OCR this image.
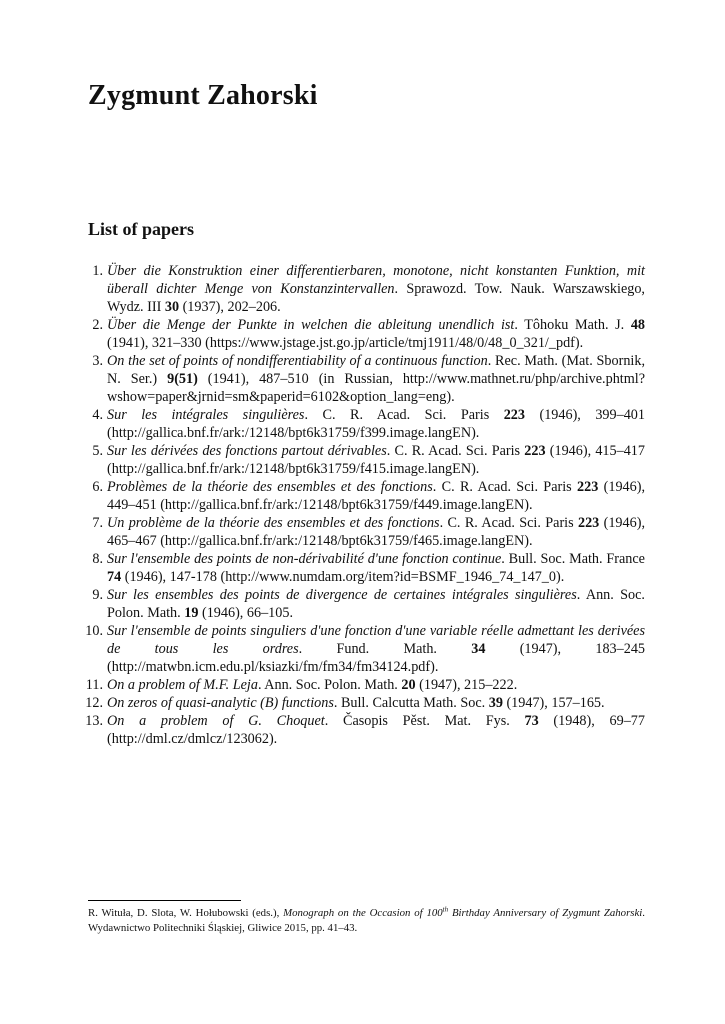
Zygmunt Zahorski
List of papers
1. Über die Konstruktion einer differentierbaren, monotone, nicht konstanten Funktion, mit überall dichter Menge von Konstanzintervallen. Sprawozd. Tow. Nauk. Warszawskiego, Wydz. III 30 (1937), 202–206.
2. Über die Menge der Punkte in welchen die ableitung unendlich ist. Tôhoku Math. J. 48 (1941), 321–330 (https://www.jstage.jst.go.jp/article/tmj1911/48/0/48_0_321/_pdf).
3. On the set of points of nondifferentiability of a continuous function. Rec. Math. (Mat. Sbornik, N. Ser.) 9(51) (1941), 487–510 (in Russian, http://www.mathnet.ru/php/archive.phtml?wshow=paper&jrnid=sm&paperid=6102&option_lang=eng).
4. Sur les intégrales singulières. C. R. Acad. Sci. Paris 223 (1946), 399–401 (http://gallica.bnf.fr/ark:/12148/bpt6k31759/f399.image.langEN).
5. Sur les dérivées des fonctions partout dérivables. C. R. Acad. Sci. Paris 223 (1946), 415–417 (http://gallica.bnf.fr/ark:/12148/bpt6k31759/f415.image.langEN).
6. Problèmes de la théorie des ensembles et des fonctions. C. R. Acad. Sci. Paris 223 (1946), 449–451 (http://gallica.bnf.fr/ark:/12148/bpt6k31759/f449.image.langEN).
7. Un problème de la théorie des ensembles et des fonctions. C. R. Acad. Sci. Paris 223 (1946), 465–467 (http://gallica.bnf.fr/ark:/12148/bpt6k31759/f465.image.langEN).
8. Sur l'ensemble des points de non-dérivabilité d'une fonction continue. Bull. Soc. Math. France 74 (1946), 147-178 (http://www.numdam.org/item?id=BSMF_1946_74_147_0).
9. Sur les ensembles des points de divergence de certaines intégrales singulières. Ann. Soc. Polon. Math. 19 (1946), 66–105.
10. Sur l'ensemble de points singuliers d'une fonction d'une variable réelle admettant les derivées de tous les ordres. Fund. Math. 34 (1947), 183–245 (http://matwbn.icm.edu.pl/ksiazki/fm/fm34/fm34124.pdf).
11. On a problem of M.F. Leja. Ann. Soc. Polon. Math. 20 (1947), 215–222.
12. On zeros of quasi-analytic (B) functions. Bull. Calcutta Math. Soc. 39 (1947), 157–165.
13. On a problem of G. Choquet. Časopis Pěst. Mat. Fys. 73 (1948), 69–77 (http://dml.cz/dmlcz/123062).
R. Wituła, D. Slota, W. Hołubowski (eds.), Monograph on the Occasion of 100th Birthday Anniversary of Zygmunt Zahorski. Wydawnictwo Politechniki Śląskiej, Gliwice 2015, pp. 41–43.
